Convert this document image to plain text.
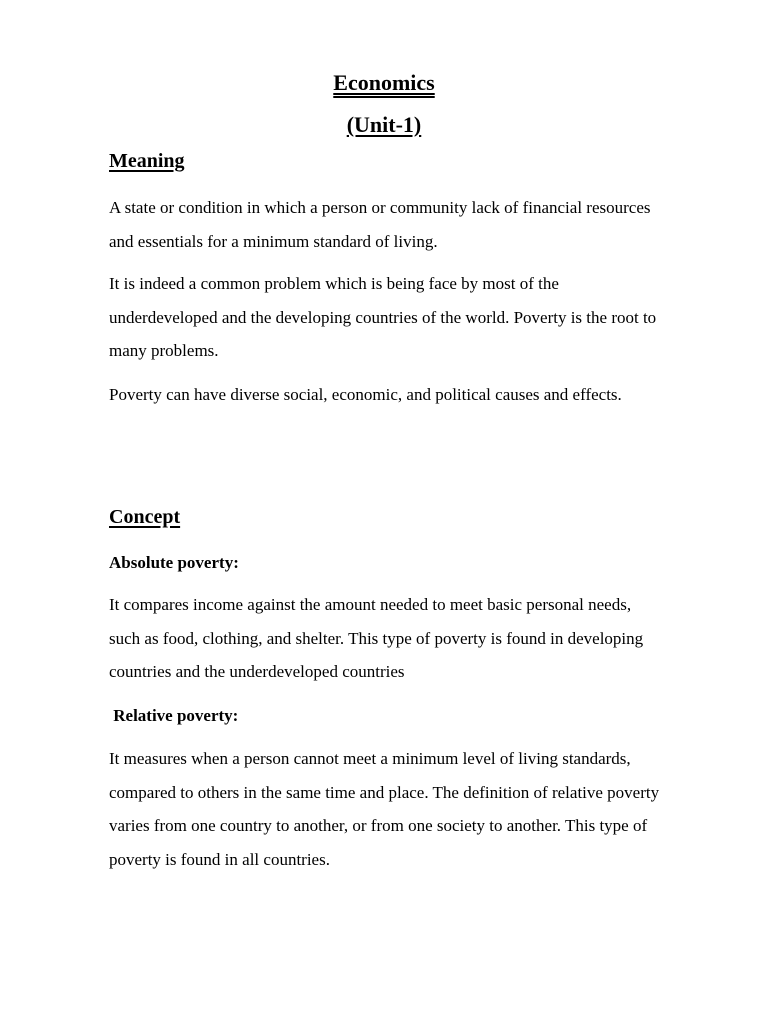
Economics
(Unit-1)
Meaning

A state or condition in which a person or community lack of financial resources and essentials for a minimum standard of living.

It is indeed a common problem which is being face by most of the underdeveloped and the developing countries of the world. Poverty is the root to many problems.

Poverty can have diverse social, economic, and political causes and effects.

Concept
Absolute poverty:

It compares income against the amount needed to meet basic personal needs, such as food, clothing, and shelter. This type of poverty is found in developing countries and the underdeveloped countries

Relative poverty:

It measures when a person cannot meet a minimum level of living standards, compared to others in the same time and place. The definition of relative poverty varies from one country to another, or from one society to another. This type of poverty is found in all countries.
